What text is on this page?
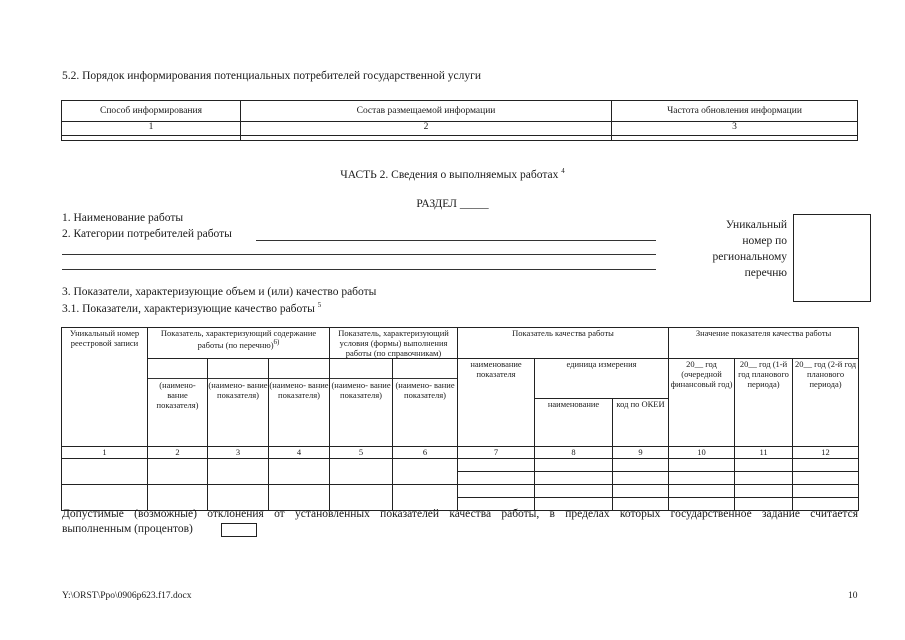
5.2. Порядок информирования потенциальных потребителей государственной услуги
Способ информирования	Состав размещаемой информации	Частота обновления информации
1	2	3

ЧАСТЬ 2. Сведения о выполняемых работах $^4$
РАЗДЕЛ _____
1. Наименование работы
2. Категории потребителей работы
Уникальный номер по региональному перечню
3. Показатели, характеризующие объем и (или) качество работы
3.1. Показатели, характеризующие качество работы $^5$
Уникальный номер реестровой записи	Показатель, характеризующий содержание работы (по перечню)$^{6)}$			Показатель, характеризующий условия (формы) выполнения работы (по справочникам)		Показатель качества работы			Значение показателя качества работы		
	(наимено- вание показателя)	(наимено- вание показателя)	(наимено- вание показателя)	(наимено- вание показателя)	(наимено- вание показателя)	наименование показателя	единица измерения		20__ год (очередной финансовый год)	20__ год (1-й год планового периода)	20__ год (2-й год планового периода)
							наименование	код по ОКЕИ			
1	2	3	4	5	6	7	8	9	10	11	12

Допустимые (возможные) отклонения от установленных показателей качества работы, в пределах которых государственное задание считается
выполненным (процентов)
Y:\ORST\Ppo\0906p623.f17.docx	10
